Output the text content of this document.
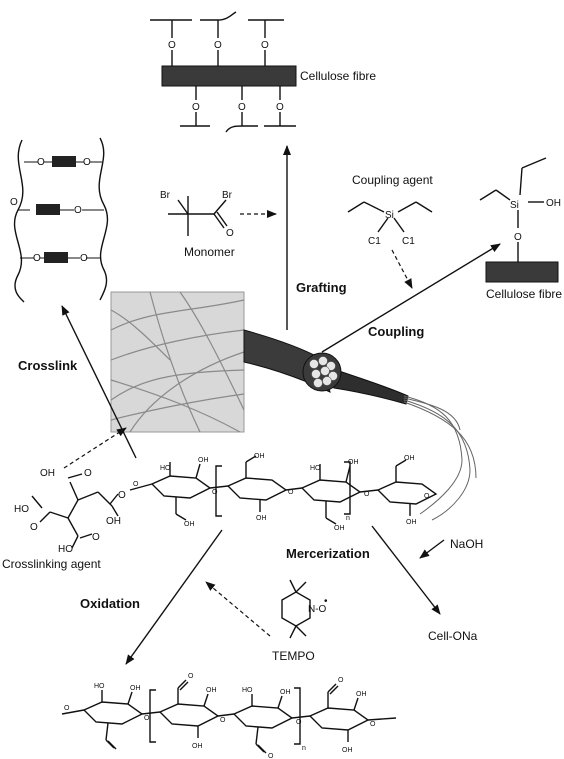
Cellulose fibre
O	O	O
O	O	O
O	O
O
O
O	O
Br	Br
O
Monomer
Coupling agent
Si
C1 C1
Si	OH
O
Cellulose fibre
O
HO
OH
OH
O
OH
OH
O
HO
OH
OH
n
O
OH
OH
O
OH	O
HO
O
O
OH
HO
O
Crosslinking agent
N-O
•
TEMPO
O
HO	OH
O
O
OH
OH
O
HO	OH
O
n
O
O
OH
OH
O
Grafting
Coupling
Crosslink
Mercerization
NaOH
Oxidation
Cell-ONa
